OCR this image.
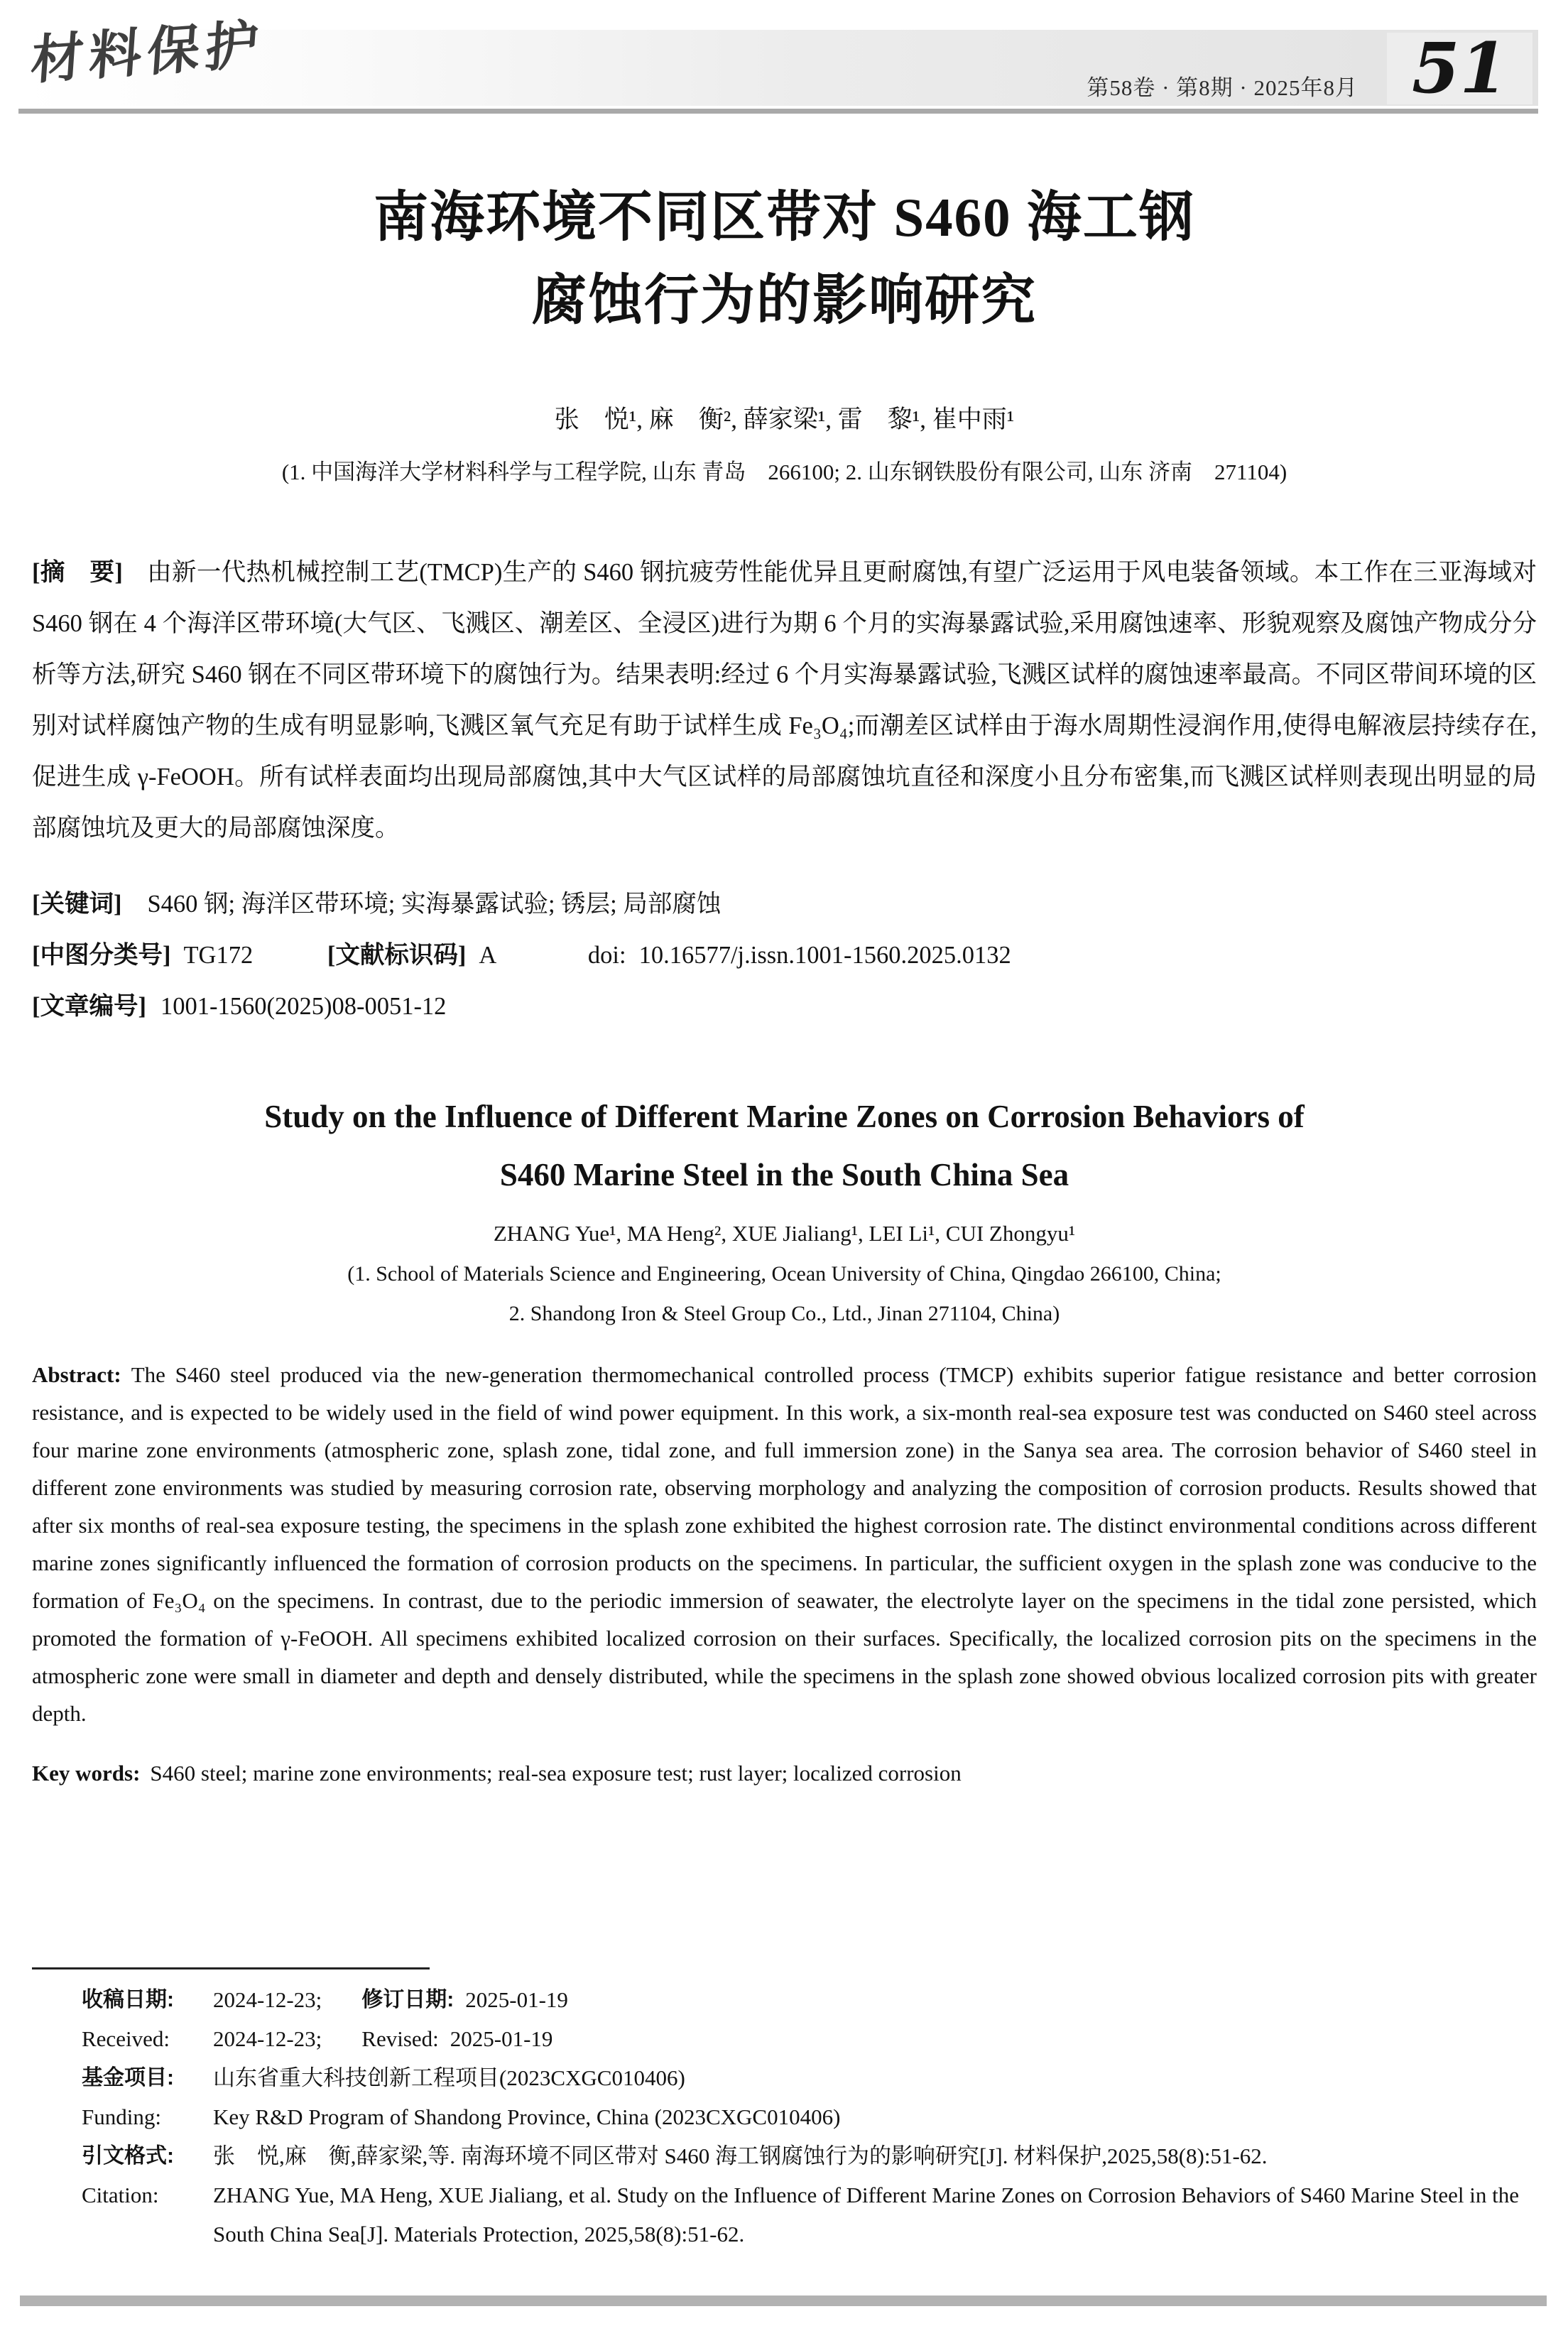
材料保护	第58卷 · 第8期 · 2025年8月 51
南海环境不同区带对 S460 海工钢
腐蚀行为的影响研究
张　悦¹, 麻　衡², 薛家梁¹, 雷　黎¹, 崔中雨¹
(1. 中国海洋大学材料科学与工程学院, 山东 青岛　266100; 2. 山东钢铁股份有限公司, 山东 济南　271104)

[摘　要] 由新一代热机械控制工艺(TMCP)生产的 S460 钢抗疲劳性能优异且更耐腐蚀,有望广泛运用于风电装备领域。本工作在三亚海域对 S460 钢在 4 个海洋区带环境(大气区、飞溅区、潮差区、全浸区)进行为期 6 个月的实海暴露试验,采用腐蚀速率、形貌观察及腐蚀产物成分分析等方法,研究 S460 钢在不同区带环境下的腐蚀行为。结果表明:经过 6 个月实海暴露试验,飞溅区试样的腐蚀速率最高。不同区带间环境的区别对试样腐蚀产物的生成有明显影响,飞溅区氧气充足有助于试样生成 Fe₃O₄;而潮差区试样由于海水周期性浸润作用,使得电解液层持续存在,促进生成 γ-FeOOH。所有试样表面均出现局部腐蚀,其中大气区试样的局部腐蚀坑直径和深度小且分布密集,而飞溅区试样则表现出明显的局部腐蚀坑及更大的局部腐蚀深度。

[关键词] S460 钢; 海洋区带环境; 实海暴露试验; 锈层; 局部腐蚀
[中图分类号] TG172	[文献标识码] A	doi: 10.16577/j.issn.1001-1560.2025.0132
[文章编号] 1001-1560(2025)08-0051-12
Study on the Influence of Different Marine Zones on Corrosion Behaviors of
S460 Marine Steel in the South China Sea
ZHANG Yue¹, MA Heng², XUE Jialiang¹, LEI Li¹, CUI Zhongyu¹
(1. School of Materials Science and Engineering, Ocean University of China, Qingdao 266100, China;
2. Shandong Iron & Steel Group Co., Ltd., Jinan 271104, China)

Abstract: The S460 steel produced via the new-generation thermomechanical controlled process (TMCP) exhibits superior fatigue resistance and better corrosion resistance, and is expected to be widely used in the field of wind power equipment. In this work, a six-month real-sea exposure test was conducted on S460 steel across four marine zone environments (atmospheric zone, splash zone, tidal zone, and full immersion zone) in the Sanya sea area. The corrosion behavior of S460 steel in different zone environments was studied by measuring corrosion rate, observing morphology and analyzing the composition of corrosion products. Results showed that after six months of real-sea exposure testing, the specimens in the splash zone exhibited the highest corrosion rate. The distinct environmental conditions across different marine zones significantly influenced the formation of corrosion products on the specimens. In particular, the sufficient oxygen in the splash zone was conducive to the formation of Fe₃O₄ on the specimens. In contrast, due to the periodic immersion of seawater, the electrolyte layer on the specimens in the tidal zone persisted, which promoted the formation of γ-FeOOH. All specimens exhibited localized corrosion on their surfaces. Specifically, the localized corrosion pits on the specimens in the atmospheric zone were small in diameter and depth and densely distributed, while the specimens in the splash zone showed obvious localized corrosion pits with greater depth.

Key words: S460 steel; marine zone environments; real-sea exposure test; rust layer; localized corrosion
收稿日期:	2024-12-23; 修订日期: 2025-01-19
Received:	2024-12-23; Revised: 2025-01-19
基金项目:	山东省重大科技创新工程项目(2023CXGC010406)
Funding:	Key R&D Program of Shandong Province, China (2023CXGC010406)
引文格式:	张　悦,麻　衡,薛家梁,等. 南海环境不同区带对 S460 海工钢腐蚀行为的影响研究[J]. 材料保护,2025,58(8):51-62.
Citation:	ZHANG Yue, MA Heng, XUE Jialiang, et al. Study on the Influence of Different Marine Zones on Corrosion Behaviors of S460 Marine Steel in the South China Sea[J]. Materials Protection, 2025,58(8):51-62.
